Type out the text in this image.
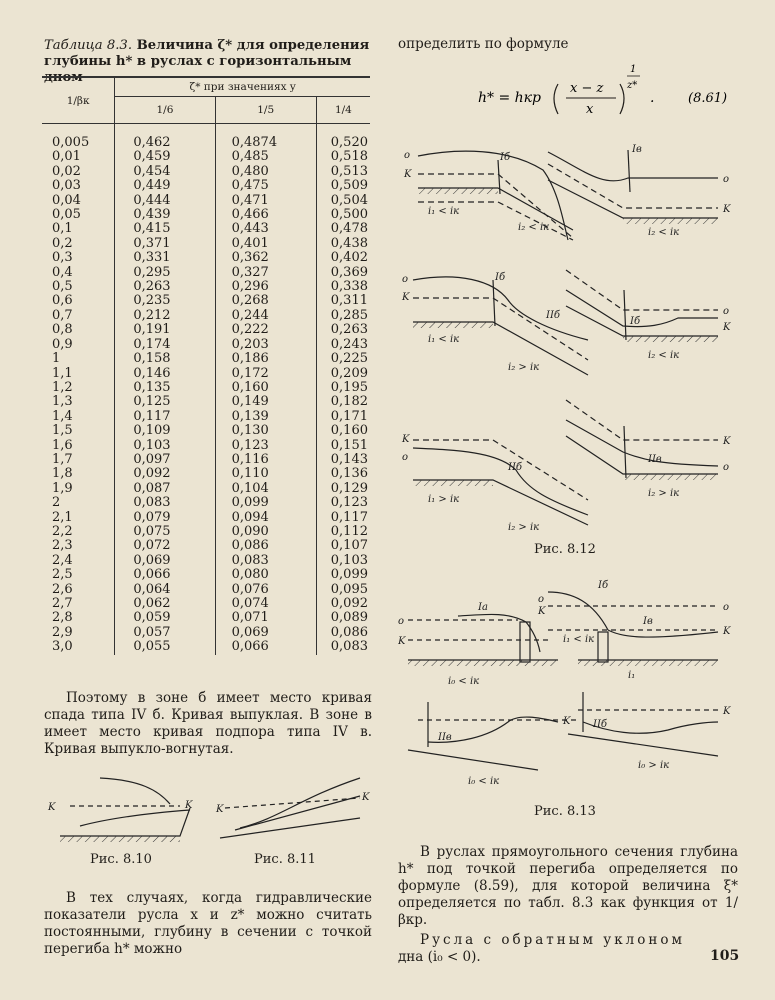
Таблица 8.3. Величина ζ* для определения глубины h* в руслах с горизонтальным дном
1/βк	ζ* при значениях y		
	1/6	1/5	1/4
0,005	0,462	0,4874	0,520
0,01	0,459	0,485	0,518
0,02	0,454	0,480	0,513
0,03	0,449	0,475	0,509
0,04	0,444	0,471	0,504
0,05	0,439	0,466	0,500
0,1	0,415	0,443	0,478
0,2	0,371	0,401	0,438
0,3	0,331	0,362	0,402
0,4	0,295	0,327	0,369
0,5	0,263	0,296	0,338
0,6	0,235	0,268	0,311
0,7	0,212	0,244	0,285
0,8	0,191	0,222	0,263
0,9	0,174	0,203	0,243
1	0,158	0,186	0,225
1,1	0,146	0,172	0,209
1,2	0,135	0,160	0,195
1,3	0,125	0,149	0,182
1,4	0,117	0,139	0,171
1,5	0,109	0,130	0,160
1,6	0,103	0,123	0,151
1,7	0,097	0,116	0,143
1,8	0,092	0,110	0,136
1,9	0,087	0,104	0,129
2	0,083	0,099	0,123
2,1	0,079	0,094	0,117
2,2	0,075	0,090	0,112
2,3	0,072	0,086	0,107
2,4	0,069	0,083	0,103
2,5	0,066	0,080	0,099
2,6	0,064	0,076	0,095
2,7	0,062	0,074	0,092
2,8	0,059	0,071	0,089
2,9	0,057	0,069	0,086
3,0	0,055	0,066	0,083
определить по формуле
h* = hкр
x − z
x
1
z*
.	(8.61)
o
K
Iб
i₁ < iк
i₂ < iк
Iв
o
K
i₂ < iк
o
K
Iб
IIб
i₁ < iк
i₂ > iк
Iб
o
K
i₂ < iк
K
o
IIб
i₁ > iк
i₂ > iк
IIв
K
o
i₂ > iк
Рис. 8.12
o
K
Iа
i₀ < iк
Iб
o
K
Iв
i₁ < iк
o
K
i₁
IIв
K
i₀ < iк
IIб
K
i₀ > iк
Рис. 8.13
Поэтому в зоне б имеет место кривая спада типа IV б. Кривая выпуклая. В зоне в имеет место кривая подпора типа IV в. Кривая выпукло-вогнутая.
K	K K
K
Рис. 8.10	Рис. 8.11
В тех случаях, когда гидравлические показатели русла x и z* можно считать постоянными, глубину в сечении с точкой перегиба h* можно
В руслах прямоугольного сечения глубина h* под точкой перегиба определяется по формуле (8.59), для которой величина ξ* определяется по табл. 8.3 как функция от 1/βкр.
Русла с обратным уклоном
дна (i₀ < 0).	105
